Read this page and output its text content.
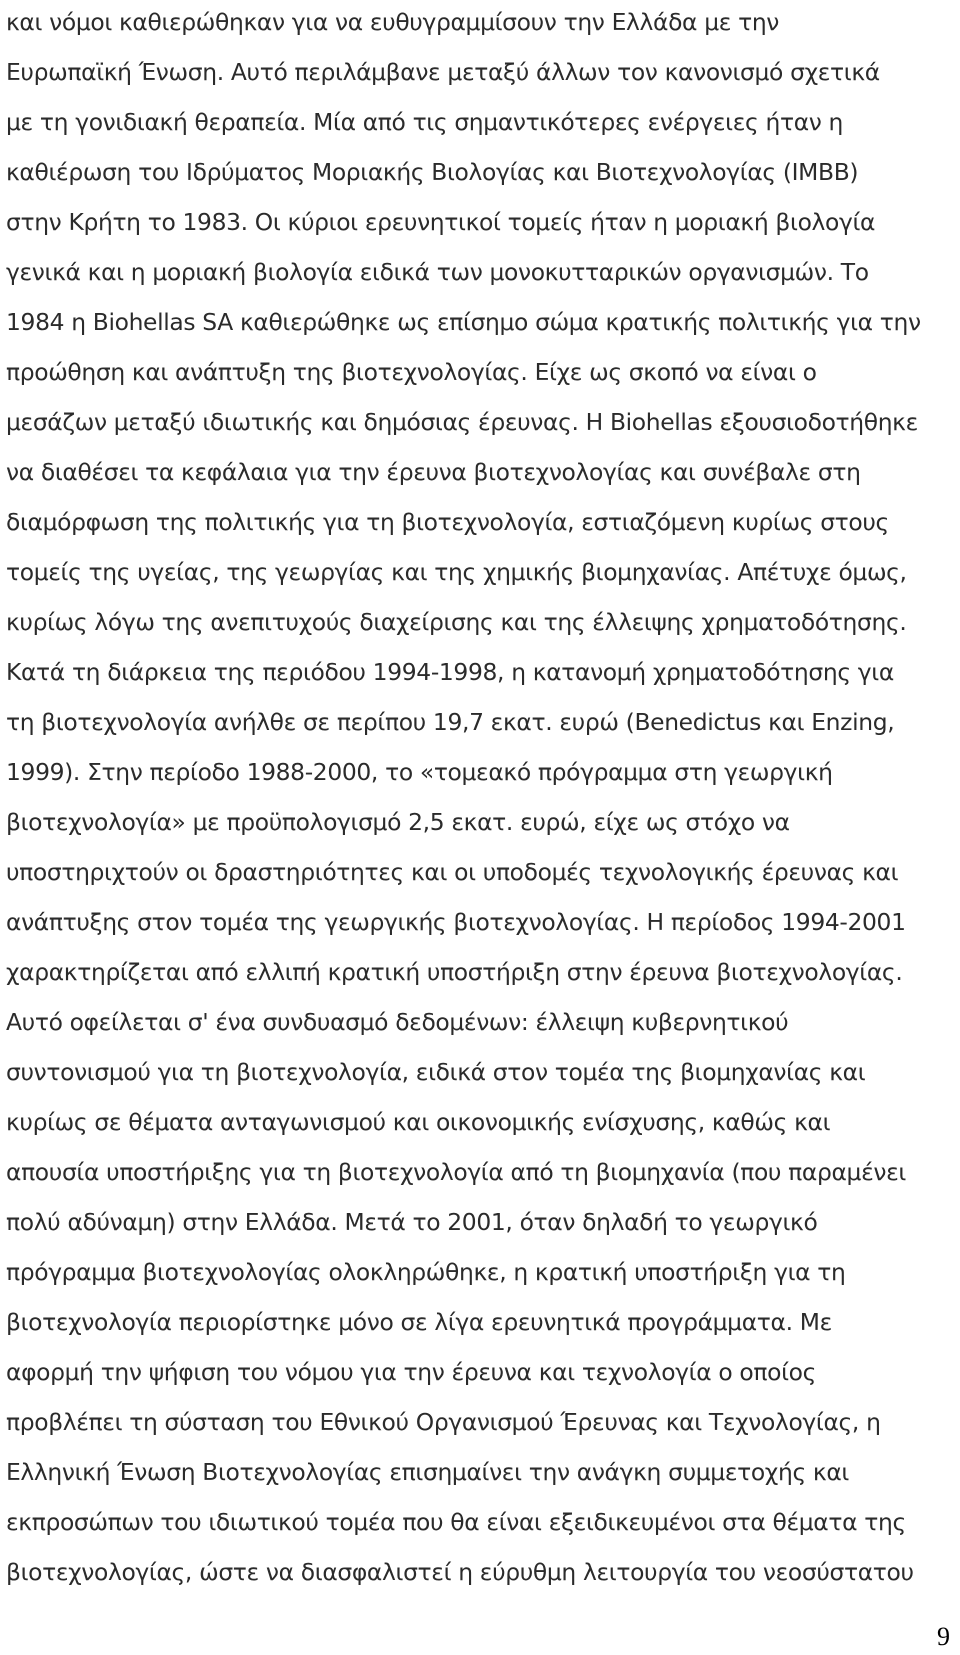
και νόμοι καθιερώθηκαν για να ευθυγραμμίσουν την Ελλάδα με την
Ευρωπαϊκή Ένωση. Αυτό περιλάμβανε μεταξύ άλλων τον κανονισμό σχετικά
με τη γονιδιακή θεραπεία. Μία από τις σημαντικότερες ενέργειες ήταν η
καθιέρωση του Ιδρύματος Μοριακής Βιολογίας και Βιοτεχνολογίας (IMBB)
στην Κρήτη το 1983. Οι κύριοι ερευνητικοί τομείς ήταν η μοριακή βιολογία
γενικά και η μοριακή βιολογία ειδικά των μονοκυτταρικών οργανισμών. Το
1984 η Biohellas SA καθιερώθηκε ως επίσημο σώμα κρατικής πολιτικής για την
προώθηση και ανάπτυξη της βιοτεχνολογίας. Είχε ως σκοπό να είναι ο
μεσάζων μεταξύ ιδιωτικής και δημόσιας έρευνας. Η Biohellas εξουσιοδοτήθηκε
να διαθέσει τα κεφάλαια για την έρευνα βιοτεχνολογίας και συνέβαλε στη
διαμόρφωση της πολιτικής για τη βιοτεχνολογία, εστιαζόμενη κυρίως στους
τομείς της υγείας, της γεωργίας και της χημικής βιομηχανίας. Απέτυχε όμως,
κυρίως λόγω της ανεπιτυχούς διαχείρισης και της έλλειψης χρηματοδότησης.
Κατά τη διάρκεια της περιόδου 1994-1998, η κατανομή χρηματοδότησης για
τη βιοτεχνολογία ανήλθε σε περίπου 19,7 εκατ. ευρώ (Benedictus και Enzing,
1999). Στην περίοδο 1988-2000, το «τομεακό πρόγραμμα στη γεωργική
βιοτεχνολογία» με προϋπολογισμό 2,5 εκατ. ευρώ, είχε ως στόχο να
υποστηριχτούν οι δραστηριότητες και οι υποδομές τεχνολογικής έρευνας και
ανάπτυξης στον τομέα της γεωργικής βιοτεχνολογίας. Η περίοδος 1994-2001
χαρακτηρίζεται από ελλιπή κρατική υποστήριξη στην έρευνα βιοτεχνολογίας.
Αυτό οφείλεται σ' ένα συνδυασμό δεδομένων: έλλειψη κυβερνητικού
συντονισμού για τη βιοτεχνολογία, ειδικά στον τομέα της βιομηχανίας και
κυρίως σε θέματα ανταγωνισμού και οικονομικής ενίσχυσης, καθώς και
απουσία υποστήριξης για τη βιοτεχνολογία από τη βιομηχανία (που παραμένει
πολύ αδύναμη) στην Ελλάδα. Μετά το 2001, όταν δηλαδή το γεωργικό
πρόγραμμα βιοτεχνολογίας ολοκληρώθηκε, η κρατική υποστήριξη για τη
βιοτεχνολογία περιορίστηκε μόνο σε λίγα ερευνητικά προγράμματα. Με
αφορμή την ψήφιση του νόμου για την έρευνα και τεχνολογία ο οποίος
προβλέπει τη σύσταση του Εθνικού Οργανισμού Έρευνας και Τεχνολογίας, η
Ελληνική Ένωση Βιοτεχνολογίας επισημαίνει την ανάγκη συμμετοχής και
εκπροσώπων του ιδιωτικού τομέα που θα είναι εξειδικευμένοι στα θέματα της
βιοτεχνολογίας, ώστε να διασφαλιστεί η εύρυθμη λειτουργία του νεοσύστατου
9
